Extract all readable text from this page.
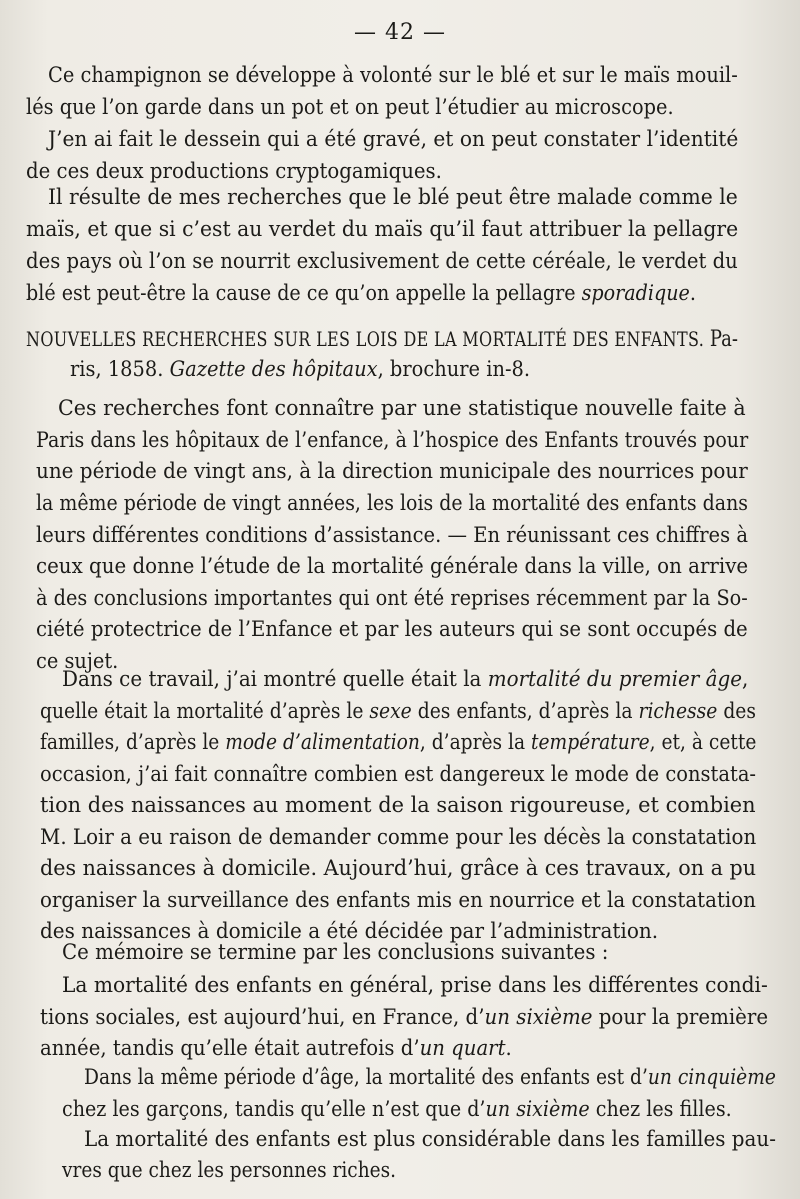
— 42 —
Ce champignon se développe à volonté sur le blé et sur le maïs mouil-
lés que l’on garde dans un pot et on peut l’étudier au microscope.
J’en ai fait le dessein qui a été gravé, et on peut constater l’identité
de ces deux productions cryptogamiques.
Il résulte de mes recherches que le blé peut être malade comme le
maïs, et que si c’est au verdet du maïs qu’il faut attribuer la pellagre
des pays où l’on se nourrit exclusivement de cette céréale, le verdet du
blé est peut-être la cause de ce qu’on appelle la pellagre sporadique.
NOUVELLES RECHERCHES SUR LES LOIS DE LA MORTALITÉ DES ENFANTS. Pa-
ris, 1858. Gazette des hôpitaux, brochure in-8.
Ces recherches font connaître par une statistique nouvelle faite à
Paris dans les hôpitaux de l’enfance, à l’hospice des Enfants trouvés pour
une période de vingt ans, à la direction municipale des nourrices pour
la même période de vingt années, les lois de la mortalité des enfants dans
leurs différentes conditions d’assistance. — En réunissant ces chiffres à
ceux que donne l’étude de la mortalité générale dans la ville, on arrive
à des conclusions importantes qui ont été reprises récemment par la So-
ciété protectrice de l’Enfance et par les auteurs qui se sont occupés de
ce sujet.
Dans ce travail, j’ai montré quelle était la mortalité du premier âge,
quelle était la mortalité d’après le sexe des enfants, d’après la richesse des
familles, d’après le mode d’alimentation, d’après la température, et, à cette
occasion, j’ai fait connaître combien est dangereux le mode de constata-
tion des naissances au moment de la saison rigoureuse, et combien
M. Loir a eu raison de demander comme pour les décès la constatation
des naissances à domicile. Aujourd’hui, grâce à ces travaux, on a pu
organiser la surveillance des enfants mis en nourrice et la constatation
des naissances à domicile a été décidée par l’administration.
Ce mémoire se termine par les conclusions suivantes :
La mortalité des enfants en général, prise dans les différentes condi-
tions sociales, est aujourd’hui, en France, d’un sixième pour la première
année, tandis qu’elle était autrefois d’un quart.
Dans la même période d’âge, la mortalité des enfants est d’un cinquième
chez les garçons, tandis qu’elle n’est que d’un sixième chez les filles.
La mortalité des enfants est plus considérable dans les familles pau-
vres que chez les personnes riches.
